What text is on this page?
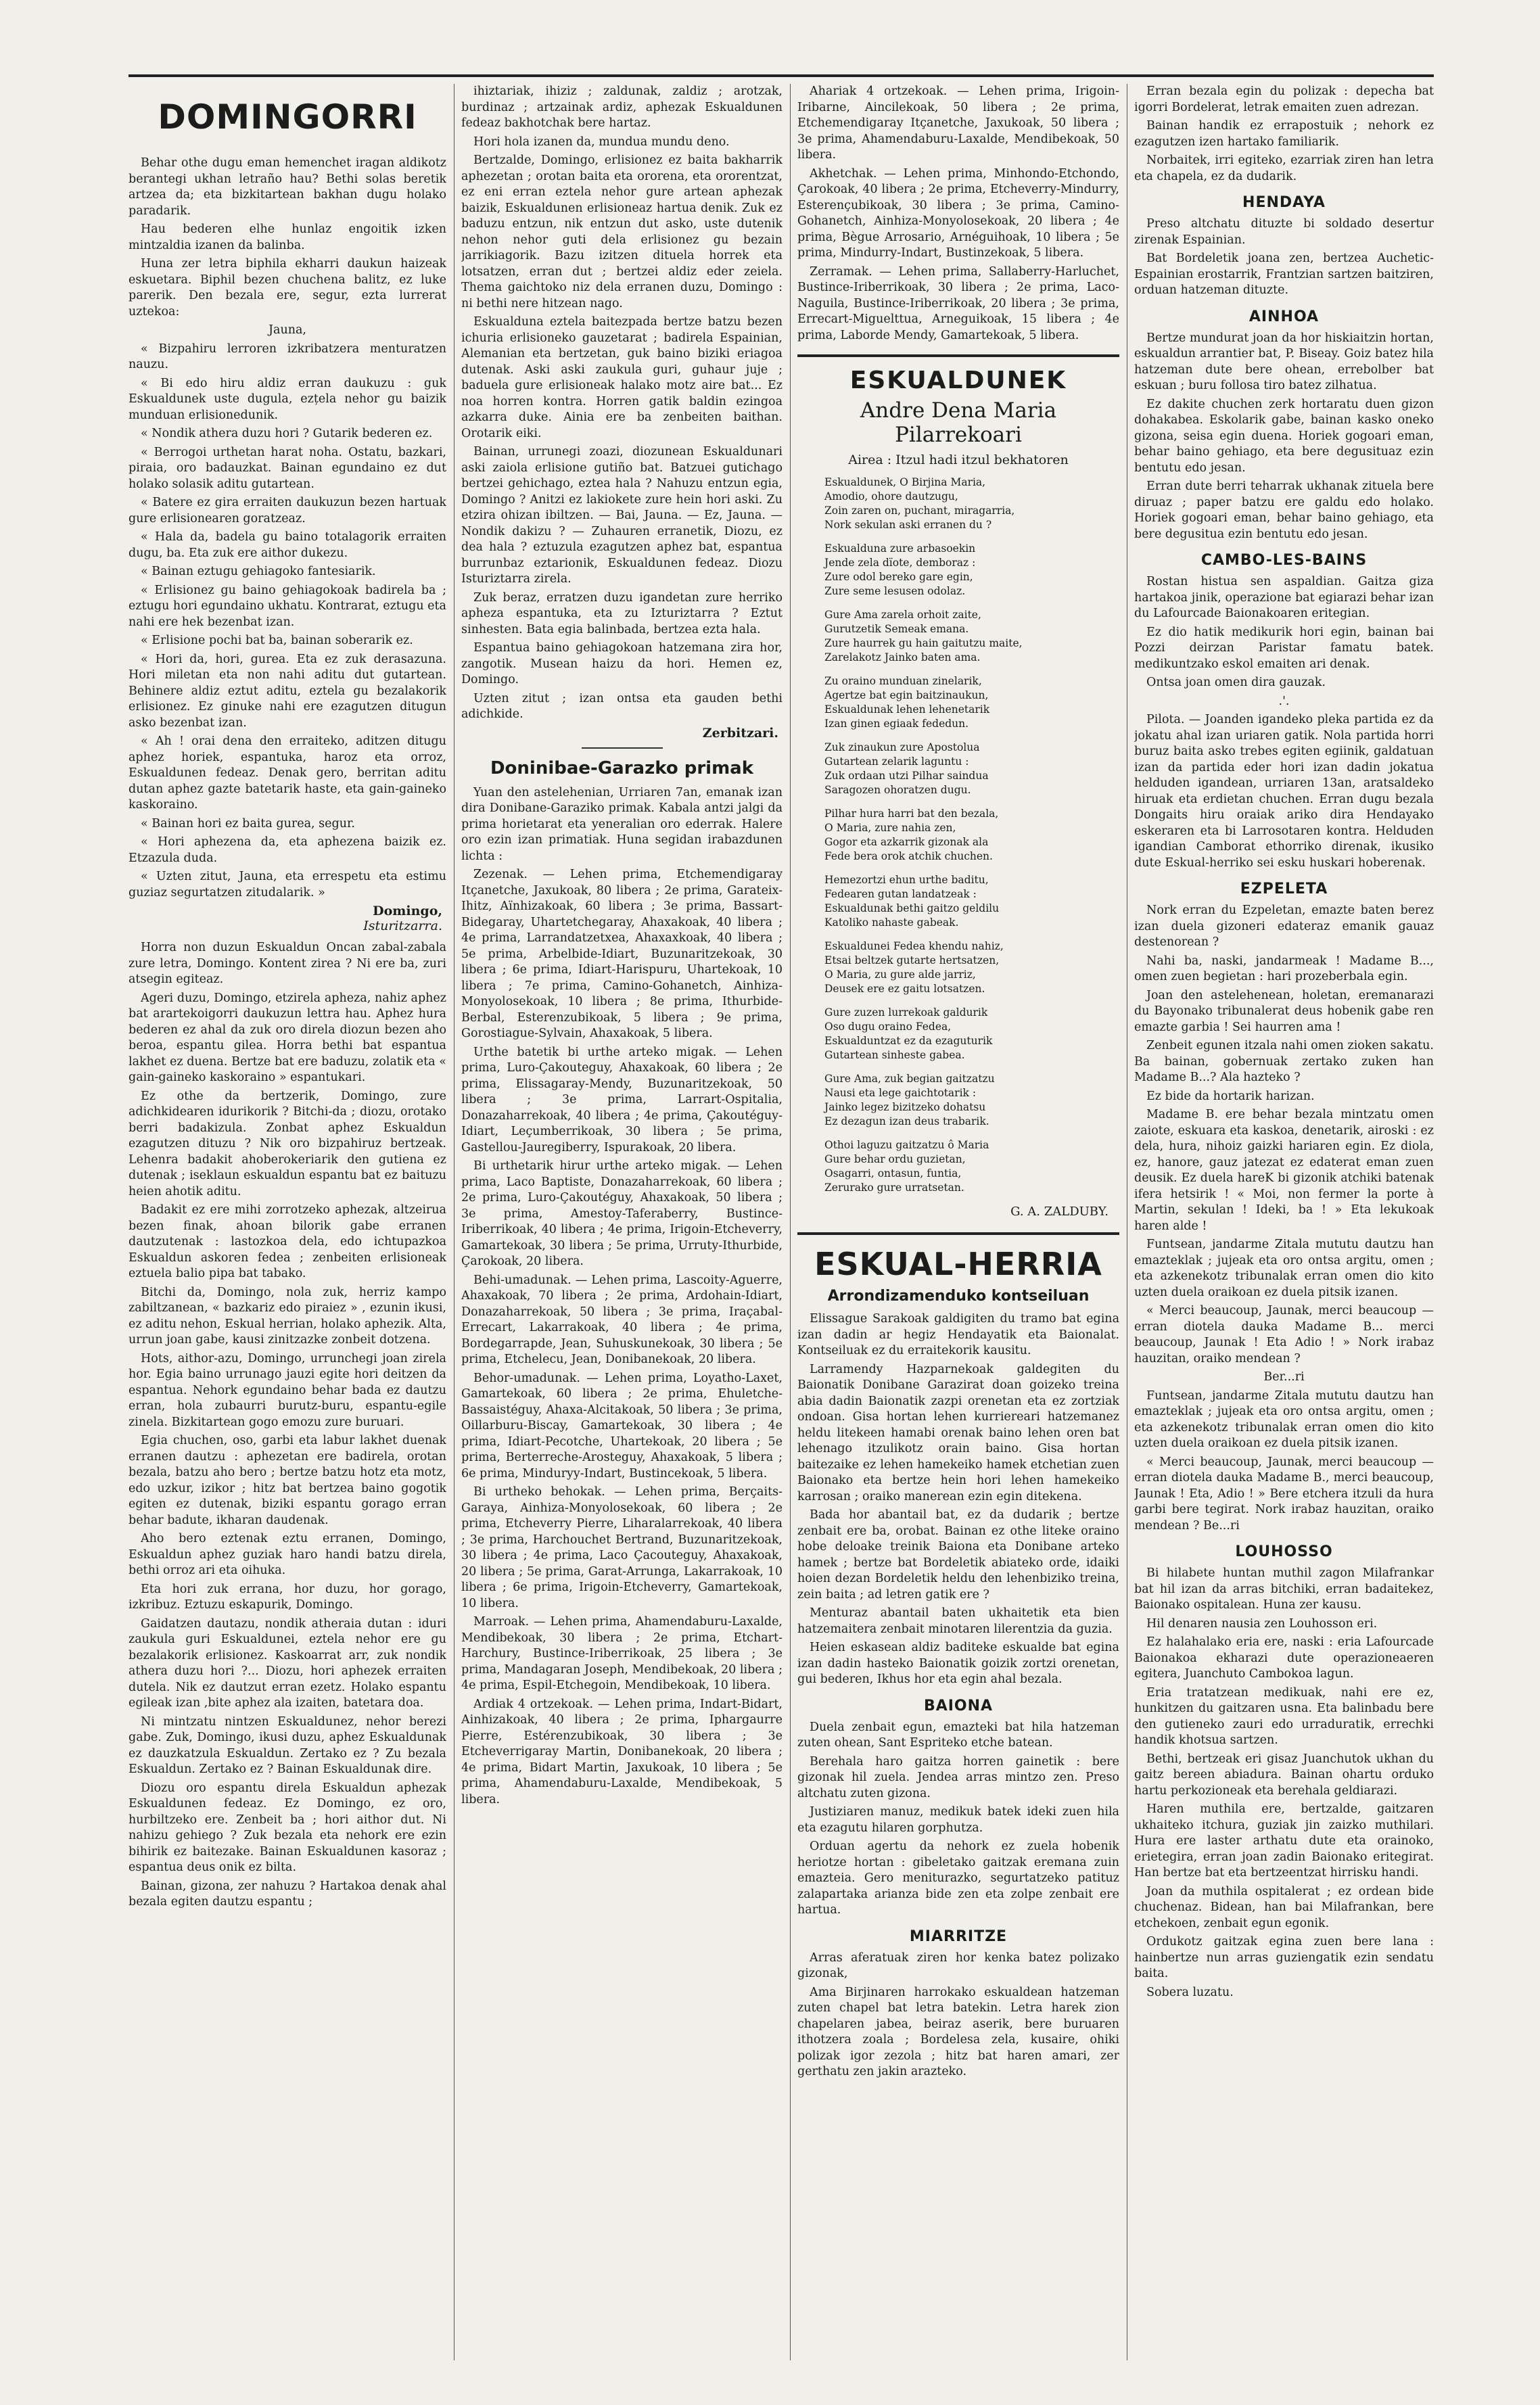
DOMINGORRI

Behar othe dugu eman hemenchet iragan aldikotz berantegi ukhan letraño hau? Bethi solas beretik artzea da; eta bizkitartean bakhan dugu holako paradarik.

Hau bederen elhe hunlaz engoitik izken mintzaldia izanen da balinba.

Huna zer letra biphila ekharri daukun haizeak eskuetara. Biphil bezen chuchena balitz, ez luke parerik. Den bezala ere, segur, ezta lurrerat uztekoa:

Jauna,

« Bizpahiru lerroren izkribatzera menturatzen nauzu.

« Bi edo hiru aldiz erran daukuzu : guk Eskualdunek uste dugula, ezțela nehor gu baizik munduan erlisionedunik.

« Nondik athera duzu hori ? Gutarik bederen ez.

« Berrogoi urthetan harat noha. Ostatu, bazkari, piraia, oro badauzkat. Bainan egundaino ez dut holako solasik aditu gutartean.

« Batere ez gira erraiten daukuzun bezen hartuak gure erlisionearen goratzeaz.

« Hala da, badela gu baino totalagorik erraiten dugu, ba. Eta zuk ere aithor dukezu.

« Bainan eztugu gehiagoko fantesiarik.

« Erlisionez gu baino gehiagokoak badirela ba ; eztugu hori egundaino ukhatu. Kontrarat, eztugu eta nahi ere hek bezenbat izan.

« Erlisione pochi bat ba, bainan soberarik ez.

« Hori da, hori, gurea. Eta ez zuk derasazuna. Hori miletan eta non nahi aditu dut gutartean. Behinere aldiz eztut aditu, eztela gu bezalakorik erlisionez. Ez ginuke nahi ere ezagutzen ditugun asko bezenbat izan.

« Ah ! orai dena den erraiteko, aditzen ditugu aphez horiek, espantuka, haroz eta orroz, Eskualdunen fedeaz. Denak gero, berritan aditu dutan aphez gazte batetarik haste, eta gain-gaineko kaskoraino.

« Bainan hori ez baita gurea, segur.

« Hori aphezena da, eta aphezena baizik ez. Etzazula duda.

« Uzten zitut, Jauna, eta errespetu eta estimu guziaz segurtatzen zitudalarik. »

Domingo,
Isturitzarra.

Horra non duzun Eskualdun Oncan zabal-zabala zure letra, Domingo. Kontent zirea ? Ni ere ba, zuri atsegin egiteaz.

Ageri duzu, Domingo, etzirela apheza, nahiz aphez bat arartekoigorri daukuzun lettra hau. Aphez hura bederen ez ahal da zuk oro direla diozun bezen aho beroa, espantu gilea. Horra bethi bat espantua lakhet ez duena. Bertze bat ere baduzu, zolatik eta « gain-gaineko kaskoraino » espantukari.

Ez othe da bertzerik, Domingo, zure adichkidearen idurikorik ? Bitchi-da ; diozu, orotako berri badakizula. Zonbat aphez Eskualdun ezagutzen dituzu ? Nik oro bizpahiruz bertzeak. Lehenra badakit ahoberokeriarik den gutiena ez dutenak ; iseklaun eskualdun espantu bat ez baituzu heien ahotik aditu.

Badakit ez ere mihi zorrotzeko aphezak, altzeirua bezen finak, ahoan bilorik gabe erranen dautzutenak : lastozkoa dela, edo ichtupazkoa Eskualdun askoren fedea ; zenbeiten erlisioneak eztuela balio pipa bat tabako.

Bitchi da, Domingo, nola zuk, herriz kampo zabiltzanean, « bazkariz edo piraiez » , ezunin ikusi, ez aditu nehon, Eskual herrian, holako aphezik. Alta, urrun joan gabe, kausi zinitzazke zonbeit dotzena.

Hots, aithor-azu, Domingo, urrunchegi joan zirela hor. Egia baino urrunago jauzi egite hori deitzen da espantua. Nehork egundaino behar bada ez dautzu erran, hola zubaurri burutz-buru, espantu-egile zinela. Bizkitartean gogo emozu zure buruari.

Egia chuchen, oso, garbi eta labur lakhet duenak erranen dautzu : aphezetan ere badirela, orotan bezala, batzu aho bero ; bertze batzu hotz eta motz, edo uzkur, izikor ; hitz bat bertzea baino gogotik egiten ez dutenak, biziki espantu gorago erran behar badute, ikharan daudenak.

Aho bero eztenak eztu erranen, Domingo, Eskualdun aphez guziak haro handi batzu direla, bethi orroz ari eta oihuka.

Eta hori zuk errana, hor duzu, hor gorago, izkribuz. Eztuzu eskapurik, Domingo.

Gaidatzen dautazu, nondik atheraia dutan : iduri zaukula guri Eskualdunei, eztela nehor ere gu bezalakorik erlisionez. Kaskoarrat arr, zuk nondik athera duzu hori ?... Diozu, hori aphezek erraiten dutela. Nik ez dautzut erran ezetz. Holako espantu egileak izan ,bite aphez ala izaiten, batetara doa.

Ni mintzatu nintzen Eskualdunez, nehor berezi gabe. Zuk, Domingo, ikusi duzu, aphez Eskualdunak ez dauzkatzula Eskualdun. Zertako ez ? Zu bezala Eskualdun. Zertako ez ? Bainan Eskualdunak dire.

Diozu oro espantu direla Eskualdun aphezak Eskualdunen fedeaz. Ez Domingo, ez oro, hurbiltzeko ere. Zenbeit ba ; hori aithor dut. Ni nahizu gehiego ? Zuk bezala eta nehork ere ezin bihirik ez baitezake. Bainan Eskualdunen kasoraz ; espantua deus onik ez bilta.

Bainan, gizona, zer nahuzu ? Hartakoa denak ahal bezala egiten dautzu espantu ;

ihiztariak, ihiziz ; zaldunak, zaldiz ; arotzak, burdinaz ; artzainak ardiz, aphezak Eskualdunen fedeaz bakhotchak bere hartaz.

Hori hola izanen da, munduа mundu deno.

Bertzalde, Domingo, erlisionez ez baita bakharrik aphezetan ; orotan baita eta ororena, eta ororentzat, ez eni erran eztela nehor gure artean aphezak baizik, Eskualdunen erlisioneaz hartua denik. Zuk ez baduzu entzun, nik entzun dut asko, uste dutenik nehon nehor guti dela erlisionez gu bezain jarrikiagorik. Bazu izitzen dituela horrek eta lotsatzen, erran dut ; bertzei aldiz eder zeiela. Thema gaichtoko niz dela erranen duzu, Domingo : ni bethi nere hitzean nago.

Eskualduna eztela baitezpada bertze batzu bezen ichuria erlisioneko gauzetarat ; badirela Espainian, Alemanian eta bertzetan, guk baino biziki eriagoa dutenak. Aski aski zaukula guri, guhaur juje ; baduela gure erlisioneak halako motz aire bat... Ez noa horren kontra. Horren gatik baldin ezingoa azkarra duke. Ainia ere ba zenbeiten baithan. Orotarik eiki.

Bainan, urrunegi zoazi, diozunean Eskualdunari aski zaiola erlisione gutiño bat. Batzuei gutichago bertzei gehichago, eztea hala ? Nahuzu entzun egia, Domingo ? Anitzi ez lakiokete zure hein hori aski. Zu etzira ohizan ibiltzen. — Bai, Jauna. — Ez, Jauna. — Nondik dakizu ? — Zuhauren erranetik, Diozu, ez dea hala ? eztuzula ezagutzen aphez bat, espantua burrunbaz eztarionik, Eskualdunen fedeaz. Diozu Isturiztarra zirela.

Zuk beraz, erratzen duzu igandetan zure herriko apheza espantuka, eta zu Izturiztarra ? Eztut sinhesten. Bata egia balinbada, bertzea ezta hala.

Espantua baino gehiagokoan hatzemana zira hor, zangotik. Musean haizu da hori. Hemen ez, Domingo.

Uzten zitut ; izan ontsa eta gauden bethi adichkide.

Zerbitzari.
Doninibae-Garazko primak

Yuan den astelehenian, Urriaren 7an, emanak izan dira Donibane-Garaziko primak. Kabala antzi jalgi da prima horietarat eta yeneralian oro ederrak. Halere oro ezin izan primatiak. Huna segidan irabazdunen lichta :

Zezenak. — Lehen prima, Etchemendigaray Itçanetche, Jaxukoak, 80 libera ; 2e prima, Garateix-Ihitz, Aïnhizakoak, 60 libera ; 3e prima, Bassart-Bidegaray, Uhartetchegaray, Ahaxakoak, 40 libera ; 4e prima, Larrandatzetxea, Ahaxaxkoak, 40 libera ; 5e prima, Arbelbide-Idiart, Buzunaritzekoak, 30 libera ; 6e prima, Idiart-Harispuru, Uhartekoak, 10 libera ; 7e prima, Camino-Gohanetch, Ainhiza-Monyolosekoak, 10 libera ; 8e prima, Ithurbide-Berbal, Esterenzubikoak, 5 libera ; 9e prima, Gorostiague-Sylvain, Ahaxakoak, 5 libera.

Urthe batetik bi urthe arteko migak. — Lehen prima, Luro-Çakouteguy, Ahaxakoak, 60 libera ; 2e prima, Elissagaray-Mendy, Buzunaritzekoak, 50 libera ; 3e prima, Larrart-Ospitalia, Donazaharrekoak, 40 libera ; 4e prima, Çakoutéguy-Idiart, Leçumberrikoak, 30 libera ; 5e prima, Gastellou-Jauregiberry, Ispurakoak, 20 libera.

Bi urthetarik hirur urthe arteko migak. — Lehen prima, Laco Baptiste, Donazaharrekoak, 60 libera ; 2e prima, Luro-Çakoutéguy, Ahaxakoak, 50 libera ; 3e prima, Amestoy-Taferaberry, Bustince-Iriberrikoak, 40 libera ; 4e prima, Irigoin-Etcheverry, Gamartekoak, 30 libera ; 5e prima, Urruty-Ithurbide, Çarokoak, 20 libera.

Behi-umadunak. — Lehen prima, Lascoity-Aguerre, Ahaxakoak, 70 libera ; 2e prima, Ardohain-Idiart, Donazaharrekoak, 50 libera ; 3e prima, Iraçabal-Errecart, Lakarrakoak, 40 libera ; 4e prima, Bordegarrapde, Jean, Suhuskunekoak, 30 libera ; 5e prima, Etchelecu, Jean, Donibanekoak, 20 libera.

Behor-umadunak. — Lehen prima, Loyatho-Laxet, Gamartekoak, 60 libera ; 2e prima, Ehuletche-Bassaistéguy, Ahaxa-Alcitakoak, 50 libera ; 3e prima, Oillarburu-Biscay, Gamartekoak, 30 libera ; 4e prima, Idiart-Pecotche, Uhartekoak, 20 libera ; 5e prima, Berterreche-Arosteguy, Ahaxakoak, 5 libera ; 6e prima, Minduryy-Indart, Bustincekoak, 5 libera.

Bi urtheko behokak. — Lehen prima, Berçaits-Garaya, Ainhiza-Monyolosekoak, 60 libera ; 2e prima, Etcheverry Pierre, Liharalarrekoak, 40 libera ; 3e prima, Harchouchet Bertrand, Buzunaritzekoak, 30 libera ; 4e prima, Laco Çacouteguy, Ahaxakoak, 20 libera ; 5e prima, Garat-Arrunga, Lakarrakoak, 10 libera ; 6e prima, Irigoin-Etcheverry, Gamartekoak, 10 libera.

Marroak. — Lehen prima, Ahamendaburu-Laxalde, Mendibekoak, 30 libera ; 2e prima, Etchart-Harchury, Bustince-Iriberrikoak, 25 libera ; 3e prima, Mandagaran Joseph, Mendibekoak, 20 libera ; 4e prima, Espil-Etchegoin, Mendibekoak, 10 libera.

Ardiak 4 ortzekoak. — Lehen prima, Indart-Bidart, Ainhizakoak, 40 libera ; 2e prima, Iphargaurre Pierre, Estérenzubikoak, 30 libera ; 3e Etcheverrigaray Martin, Donibanekoak, 20 libera ; 4e prima, Bidart Martin, Jaxukoak, 10 libera ; 5e prima, Ahamendaburu-Laxalde, Mendibekoak, 5 libera.

Ahariak 4 ortzekoak. — Lehen prima, Irigoin-Iribarne, Aincilekoak, 50 libera ; 2e prima, Etchemendigaray Itçanetche, Jaxukoak, 50 libera ; 3e prima, Ahamendaburu-Laxalde, Mendibekoak, 50 libera.

Akhetchak. — Lehen prima, Minhondo-Etchondo, Çarokoak, 40 libera ; 2e prima, Etcheverry-Mindurry, Esterençubikoak, 30 libera ; 3e prima, Camino-Gohanetch, Ainhiza-Monyolosekoak, 20 libera ; 4e prima, Bègue Arrosario, Arnéguihoak, 10 libera ; 5e prima, Mindurry-Indart, Bustinzekoak, 5 libera.

Zerramak. — Lehen prima, Sallaberry-Harluchet, Bustince-Iriberrikoak, 30 libera ; 2e prima, Laco-Naguila, Bustince-Iriberrikoak, 20 libera ; 3e prima, Errecart-Miguelttua, Arneguikoak, 15 libera ; 4e prima, Laborde Mendy, Gamartekoak, 5 libera.

ESKUALDUNEK
Andre Dena Maria Pilarrekoari
Airea : Itzul hadi itzul bekhatoren
Eskualdunek, O Birjina Maria,
Amodio, ohore dautzugu,
Zoin zaren on, puchant, miragarria,
Nork sekulan aski erranen du ?
Eskualduna zure arbasoekin
Jende zela dïote, demboraz :
Zure odol bereko gare egin,
Zure seme lesusen odolaz.
Gure Ama zarela orhoit zaite,
Gurutzetik Semeak emana.
Zure haurrek gu hain gaitutzu maite,
Zarelakotz Jainko baten ama.
Zu oraino munduan zinelarik,
Agertze bat egin baitzinaukun,
Eskualdunak lehen lehenetarik
Izan ginen egiaak fededun.
Zuk zinaukun zure Apostolua
Gutartean zelarik laguntu :
Zuk ordaan utzi Pilhar saindua
Saragozen ohoratzen dugu.
Pilhar hura harri bat den bezala,
O Maria, zure nahia zen,
Gogor eta azkarrik gizonak ala
Fede bera orok atchik chuchen.
Hemezortzi ehun urthe baditu,
Fedearen gutan landatzeak :
Eskualdunak bethi gaitzo geldilu
Katoliko nahaste gabeak.
Eskualdunei Fedea khendu nahiz,
Etsai beltzek gutarte hertsatzen,
O Maria, zu gure alde jarriz,
Deusek ere ez gaitu lotsatzen.
Gure zuzen lurrekoak galdurik
Oso dugu oraino Fedea,
Eskualduntzat ez da ezaguturik
Gutartean sinheste gabea.
Gure Ama, zuk begian gaitzatzu
Nausi eta lege gaichtotarik :
Jainko legez bizitzeko dohatsu
Ez dezagun izan deus trabarik.
Othoi laguzu gaitzatzu ô Maria
Gure behar ordu guzietan,
Osagarri, ontasun, funtia,
Zerurako gure urratsetan.
G. A. ZALDUBY.
ESKUAL-HERRIA
Arrondizamenduko kontseiluan

Elissague Sarakoak galdigiten du tramo bat egina izan dadin ar hegiz Hendayatik eta Baionalat. Kontseiluak ez du erraitekorik kausitu.

Larramendy Hazparnekoak galdegiten du Baionatik Donibane Garazirat doan goizeko treina abia dadin Baionatik zazpi orenetan eta ez zortziak ondoan. Gisa hortan lehen kurriereari hatzemanez heldu litekeen hamabi orenak baino lehen oren bat lehenago itzulikotz orain baino. Gisa hortan baitezaike ez lehen hamekeiko hamek etchetian zuen Baionako eta bertze hein hori lehen hamekeiko karrosan ; oraiko manerean ezin egin ditekena.

Bada hor abantail bat, ez da dudarik ; bertze zenbait ere ba, orobat. Bainan ez othe liteke oraino hobe deloake treinik Baiona eta Donibane arteko hamek ; bertze bat Bordeletik abiateko orde, idaiki hoien dezan Bordeletik heldu den lehenbiziko treina, zein baita ; ad letren gatik ere ?

Menturaz abantail baten ukhaitetik eta bien hatzemaitera zenbait minotaren lilerentzia da guzia.

Heien eskasean aldiz baditeke eskualde bat egina izan dadin hasteko Baionatik goizik zortzi orenetan, gui bederen, Ikhus hor eta egin ahal bezala.

BAIONA

Duela zenbait egun, emazteki bat hila hatzeman zuten ohean, Sant Espriteko etche batean.

Berehala haro gaitza horren gainetik : bere gizonak hil zuela. Jendea arras mintzo zen. Preso altchatu zuten gizona.

Justiziaren manuz, medikuk batek ideki zuen hila eta ezagutu hilaren gorphutza.

Orduan agertu da nehork ez zuela hobenik heriotze hortan : gibeletako gaitzak eremana zuin emazteia. Gero meniturazko, segurtatzeko patituz zalapartaka arianza bide zen eta zolpe zenbait ere hartua.

MIARRITZE

Arras aferatuak ziren hor kenka batez polizako gizonak,

Ama Birjinaren harrokako eskualdean hatzeman zuten chapel bat letra batekin. Letra harek zion chapelaren jabea, beiraz aserik, bere buruaren ithotzera zoala ; Bordelesa zela, kusaire, ohiki polizak igor zezola ; hitz bat haren amari, zer gerthatu zen jakin arazteko.

Erran bezala egin du polizak : depecha bat igorri Bordelerat, letrak emaiten zuen adrezan.

Bainan handik ez errapostuik ; nehork ez ezagutzen izen hartako familiarik.

Norbaitek, irri egiteko, ezarriak ziren han letra eta chapela, ez da dudarik.

HENDAYA

Preso altchatu dituzte bi soldado desertur zirenak Espainian.

Bat Bordeletik joana zen, bertzea Auchetic-Espainian erostarrik, Frantzian sartzen baitziren, orduan hatzeman dituzte.

AINHOA

Bertze mundurat joan da hor hiskiaitzin hortan, eskualdun arrantier bat, P. Biseay. Goiz batez hila hatzeman dute bere ohean, errebolber bat eskuan ; buru follosa tiro batez zilhatua.

Ez dakite chuchen zerk hortaratu duen gizon dohakabea. Eskolarik gabe, bainan kasko oneko gizona, seisa egin duena. Horiek gogoari eman, behar baino gehiago, eta bere degusituaz ezin bentutu edo jesan.

Erran dute berri teharrak ukhanak zituela bere diruaz ; paper batzu ere galdu edo holako. Horiek gogoari eman, behar baino gehiago, eta bere degusitua ezin bentutu edo jesan.

CAMBO-LES-BAINS

Rostan histua sen aspaldian. Gaitza giza hartakoa jinik, operazione bat egiarazi behar izan du Lafourcade Baionakoaren eritegian.

Ez dio hatik medikurik hori egin, bainan bai Pozzi deirzan Paristar famatu batek. medikuntzako eskol emaiten ari denak.

Ontsa joan omen dira gauzak.

.'.

Pilota. — Joanden igandeko pleka partida ez da jokatu ahal izan uriaren gatik. Nola partida horri buruz baita asko trebes egiten egiinik, galdatuan izan da partida eder hori izan dadin jokatua helduden igandean, urriaren 13an, aratsaldeko hiruak eta erdietan chuchen. Erran dugu bezala Dongaits hiru oraiak ariko dira Hendayako eskeraren eta bi Larrosotaren kontra. Helduden igandian Camborat ethorriko direnak, ikusiko dute Eskual-herriko sei esku huskari hoberenak.

EZPELETA

Nork erran du Ezpeletan, emazte baten berez izan duela gizoneri edateraz emanik gauaz destenorean ?

Nahi ba, naski, jandarmeak ! Madame B..., omen zuen begietan : hari prozeberbala egin.

Joan den astelehenean, holetan, eremanarazi du Bayonako tribunalerat deus hobenik gabe ren emazte garbia ! Sei haurren ama !

Zenbeit egunen itzala nahi omen zioken sakatu. Ba bainan, gobernuak zertako zuken han Madame B...? Ala hazteko ?

Ez bide da hortarik harizan.

Madame B. ere behar bezala mintzatu omen zaiote, eskuara eta kaskoa, denetarik, airoski : ez dela, hura, nihoiz gaizki hariaren egin. Ez diola, ez, hanore, gauz jatezat ez edaterat eman zuen deusik. Ez duela hareK bi gizonik atchiki batenak ifera hetsirik ! « Moi, non fermer la porte à Martin, sekulan ! Ideki, ba ! » Eta lekukoak haren alde !

Funtsean, jandarme Zitala mututu dautzu han emazteklak ; jujeak eta oro ontsa argitu, omen ; eta azkenekotz tribunalak erran omen dio kito uzten duela oraikoan ez duela pitsik izanen.

« Merci beaucoup, Jaunak, merci beaucoup — erran diotela dauka Madame B... merci beaucoup, Jaunak ! Eta Adio ! » Nork irabaz hauzitan, oraiko mendean ?

Ber...ri

Funtsean, jandarme Zitala mututu dautzu han emazteklak ; jujeak eta oro ontsa argitu, omen ; eta azkenekotz tribunalak erran omen dio kito uzten duela oraikoan ez duela pitsik izanen.

« Merci beaucoup, Jaunak, merci beaucoup — erran diotela dauka Madame B., merci beaucoup, Jaunak ! Eta, Adio ! » Bere etchera itzuli da hura garbi bere tegirat. Nork irabaz hauzitan, oraiko mendean ? Be...ri

LOUHOSSO

Bi hilabete huntan muthil zagon Milafrankar bat hil izan da arras bitchiki, erran badaitekez, Baionako ospitalean. Huna zer kausu.

Hil denaren nausia zen Louhosson eri.

Ez halahalako eria ere, naski : eria Lafourcade Baionakoa ekharazi dute operazioneaeren egitera, Juanchuto Cambokoa lagun.

Eria tratatzean medikuak, nahi ere ez, hunkitzen du gaitzaren usna. Eta balinbadu bere den gutieneko zauri edo urraduratik, errechki handik khotsua sartzen.

Bethi, bertzeak eri gisaz Juanchutok ukhan du gaitz bereen abiadura. Bainan ohartu orduko hartu perkozioneak eta berehala geldiarazi.

Haren muthila ere, bertzalde, gaitzaren ukhaiteko itchura, guziak jin zaizko muthilari. Hura ere laster arthatu dute eta orainoko, erietegira, erran joan zadin Baionako eritegirat. Han bertze bat eta bertzeentzat hirrisku handi.

Joan da muthila ospitalerat ; ez ordean bide chuchenaz. Bidean, han bai Milafrankan, bere etchekoen, zenbait egun egonik.

Ordukotz gaitzak egina zuen bere lana : hainbertze nun arras guziengatik ezin sendatu baita.

Sobera luzatu.
